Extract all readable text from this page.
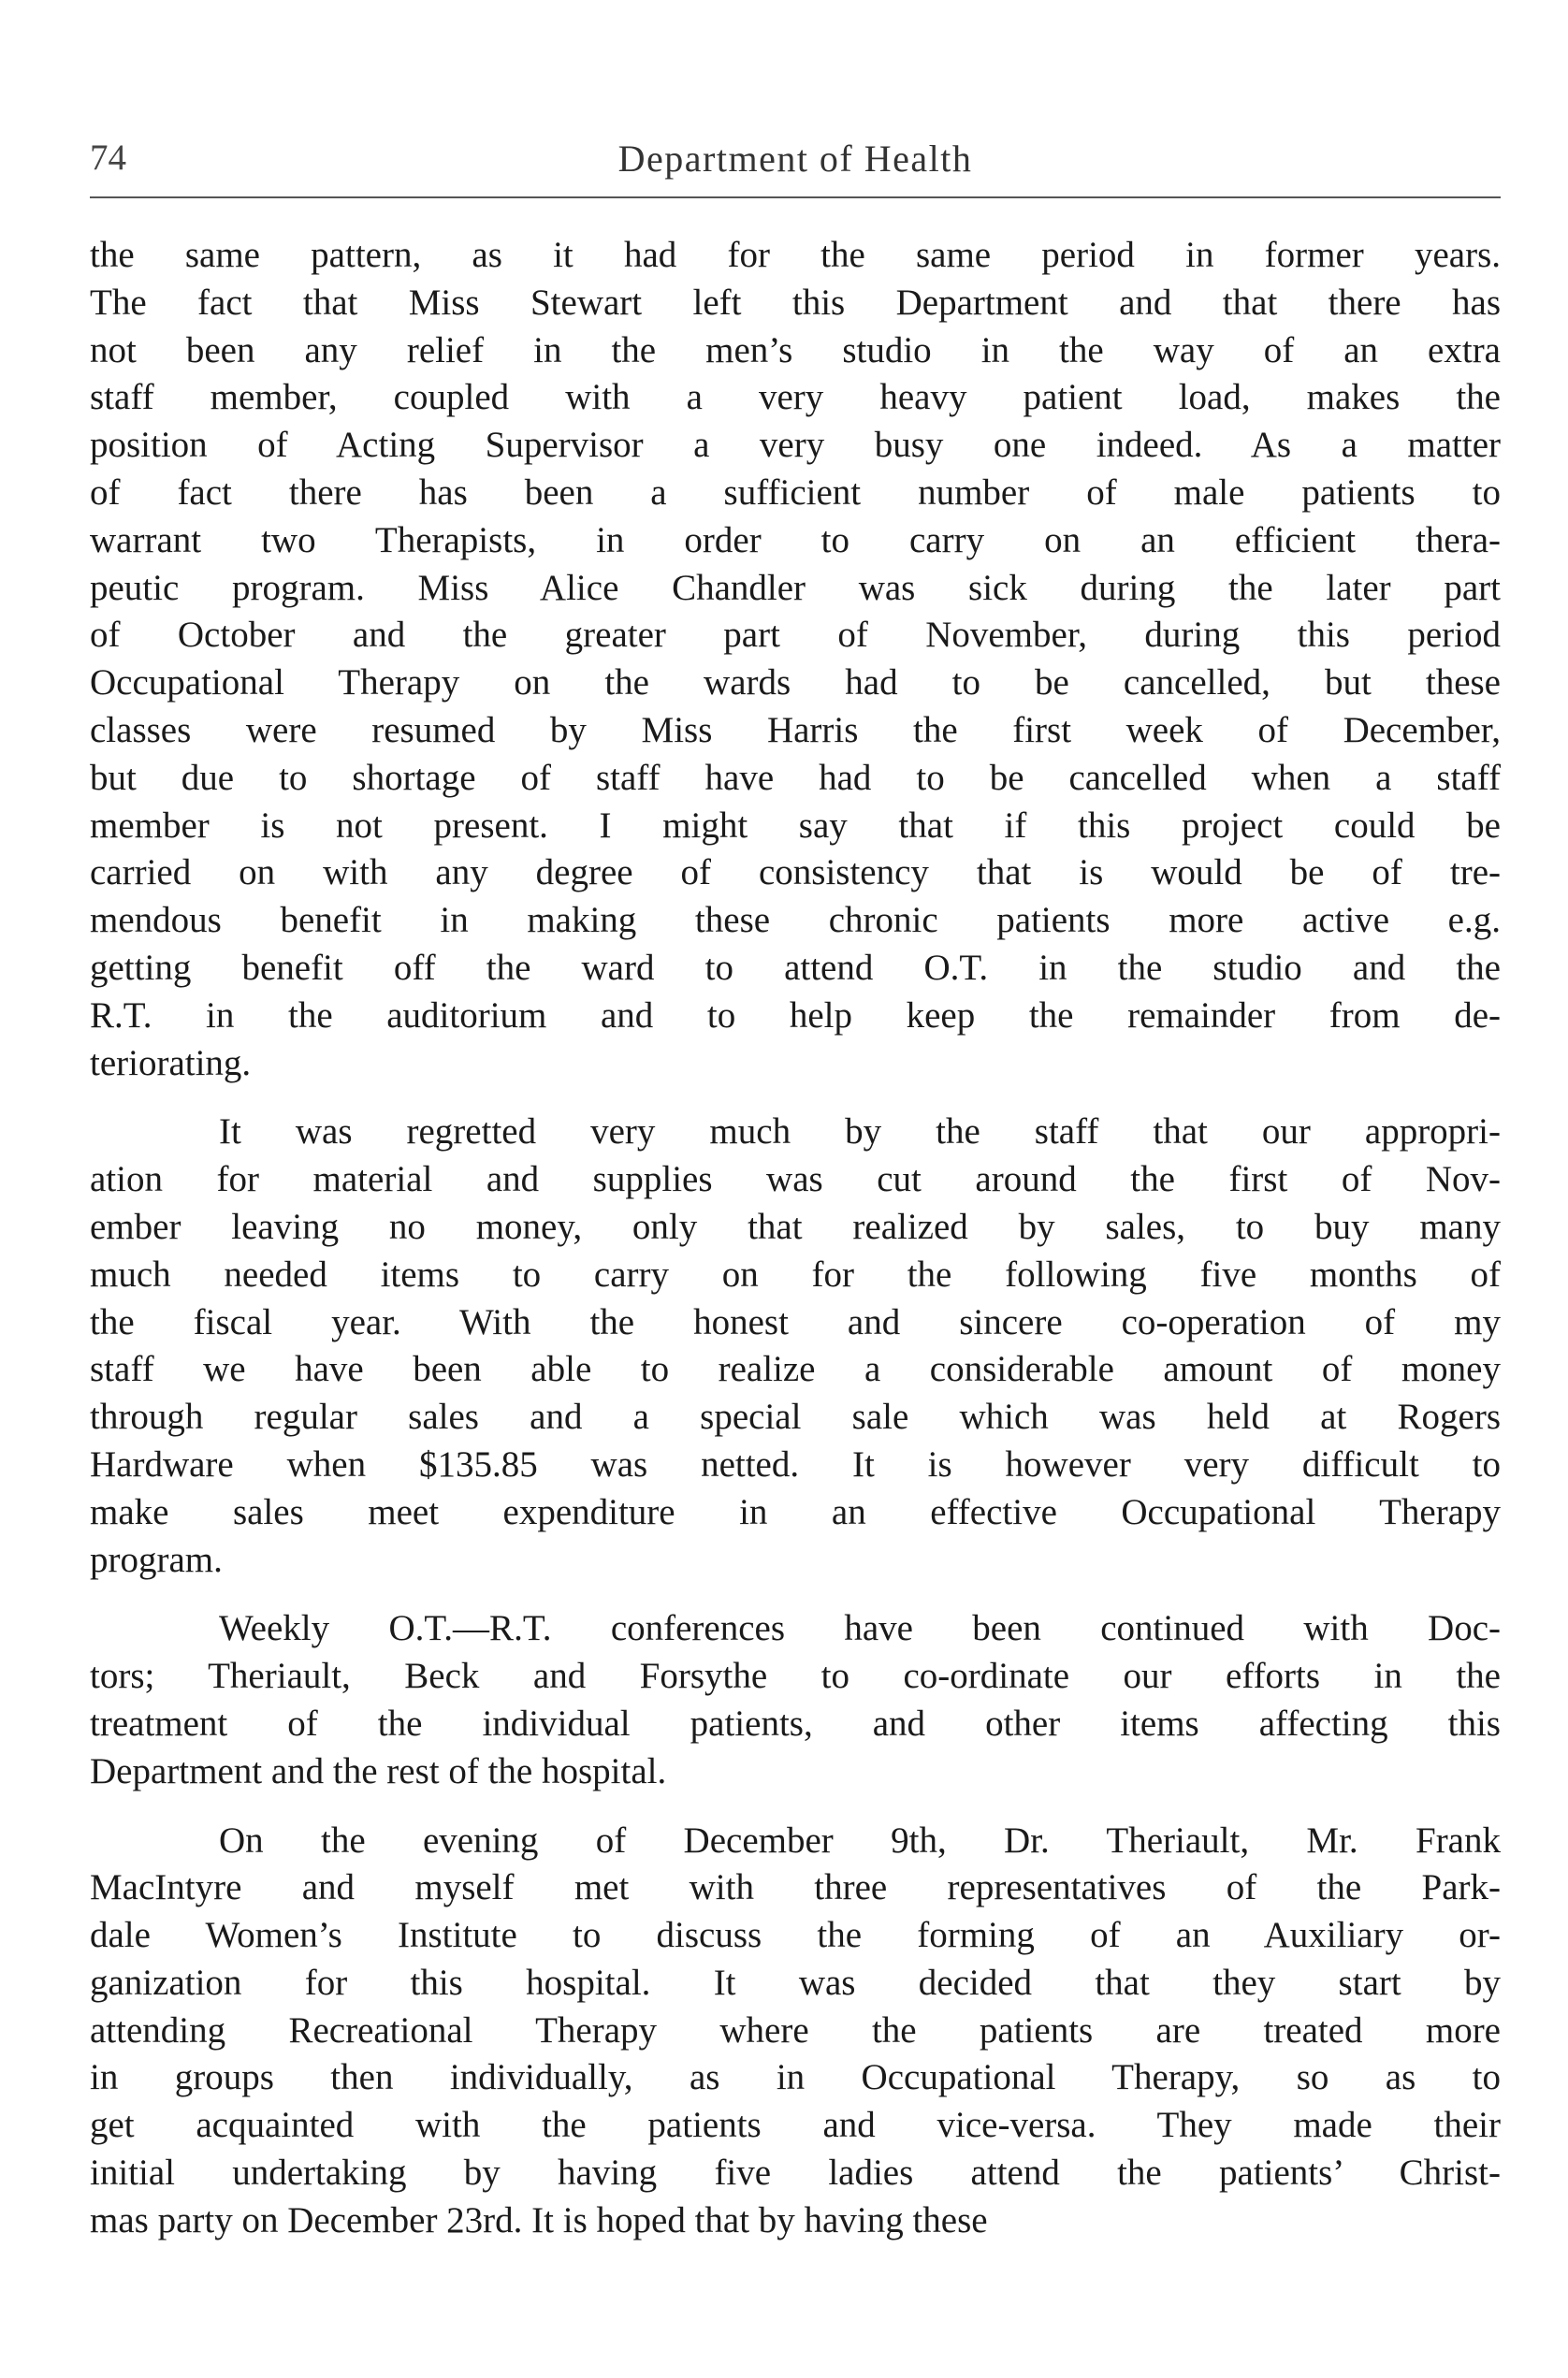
74	Department of Health
the same pattern, as it had for the same period in former years.
The fact that Miss Stewart left this Department and that there has
not been any relief in the men’s studio in the way of an extra
staff member, coupled with a very heavy patient load, makes the
position of Acting Supervisor a very busy one indeed. As a matter
of fact there has been a sufficient number of male patients to
warrant two Therapists, in order to carry on an efficient thera-
peutic program. Miss Alice Chandler was sick during the later part
of October and the greater part of November, during this period
Occupational Therapy on the wards had to be cancelled, but these
classes were resumed by Miss Harris the first week of December,
but due to shortage of staff have had to be cancelled when a staff
member is not present. I might say that if this project could be
carried on with any degree of consistency that is would be of tre-
mendous benefit in making these chronic patients more active e.g.
getting benefit off the ward to attend O.T. in the studio and the
R.T. in the auditorium and to help keep the remainder from de-
teriorating.
It was regretted very much by the staff that our appropri-
ation for material and supplies was cut around the first of Nov-
ember leaving no money, only that realized by sales, to buy many
much needed items to carry on for the following five months of
the fiscal year. With the honest and sincere co-operation of my
staff we have been able to realize a considerable amount of money
through regular sales and a special sale which was held at Rogers
Hardware when $135.85 was netted. It is however very difficult to
make sales meet expenditure in an effective Occupational Therapy
program.
Weekly O.T.—R.T. conferences have been continued with Doc-
tors; Theriault, Beck and Forsythe to co-ordinate our efforts in the
treatment of the individual patients, and other items affecting this
Department and the rest of the hospital.
On the evening of December 9th, Dr. Theriault, Mr. Frank
MacIntyre and myself met with three representatives of the Park-
dale Women’s Institute to discuss the forming of an Auxiliary or-
ganization for this hospital. It was decided that they start by
attending Recreational Therapy where the patients are treated more
in groups then individually, as in Occupational Therapy, so as to
get acquainted with the patients and vice-versa. They made their
initial undertaking by having five ladies attend the patients’ Christ-
mas party on December 23rd. It is hoped that by having these
